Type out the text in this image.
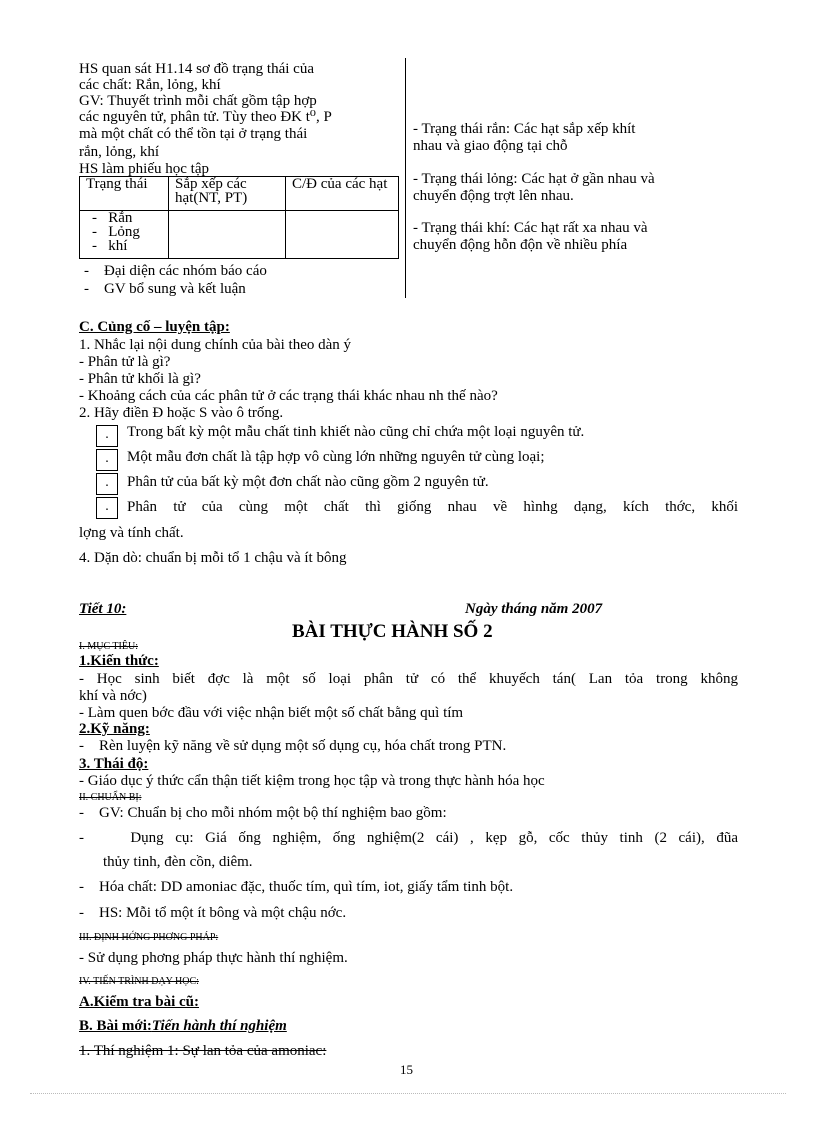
HS quan sát H1.14 sơ đồ trạng thái của
các chất: Rắn, lỏng, khí
GV: Thuyết trình mỗi chất gồm tập hợp
các nguyên tử, phân tử. Tùy theo ĐK t⁰, P
mà một chất có thể tồn tại ở trạng thái
rắn, lỏng, khí
HS làm phiếu học tập
Trạng thái	Sắp xếp các hạt(NT, PT)	C/Đ của các hạt

-   Rắn
-   Lỏng
-   khí		

-    Đại diện các nhóm báo cáo
-    GV bổ sung và kết luận
- Trạng thái rắn: Các hạt sắp xếp khít
nhau và giao động tại chỗ
- Trạng thái lỏng: Các hạt ở gần nhau và
chuyển động trợt lên nhau.
- Trạng thái khí: Các hạt rất xa nhau và
chuyển động hỗn độn về nhiều phía
C. Củng cố – luyện tập:
1. Nhắc lại nội dung chính của bài theo dàn ý
- Phân tử là gì?
- Phân tử khối là gì?
- Khoảng cách của các phân tử ở các trạng thái khác nhau nh thế nào?
2. Hãy điền Đ hoặc S vào ô trống.
.	Trong bất kỳ một mẫu chất tinh khiết nào cũng chỉ chứa một loại nguyên tử.
.	Một mẫu đơn chất là tập hợp vô cùng lớn những nguyên tử cùng loại;
.	Phân tử của bất kỳ một đơn chất nào cũng gồm 2 nguyên tử.
.	Phân tử của cùng một chất thì giống nhau về hìnhg dạng, kích thớc, khối
lợng và tính chất.
4. Dặn dò: chuẩn bị mỗi tổ 1 chậu và ít bông
Tiết 10:	Ngày tháng năm 2007
BÀI THỰC HÀNH SỐ 2
I. MỤC TIÊU:
1.Kiến thức:
- Học sinh biết đợc là một số loại phân tử có thể khuyếch tán( Lan tỏa trong không
khí và nớc)
- Làm quen bớc đầu với việc nhận biết một số chất bằng quì tím
2.Kỹ năng:
-    Rèn luyện kỹ năng về sử dụng một số dụng cụ, hóa chất trong PTN.
3. Thái độ:
- Giáo dục ý thức cẩn thận tiết kiệm trong học tập và trong thực hành hóa học
II. CHUẨN BỊ:
-    GV: Chuẩn bị cho mỗi nhóm một bộ thí nghiệm bao gồm:
-    Dụng cụ: Giá ống nghiệm, ống nghiệm(2 cái) , kẹp gỗ, cốc thủy tinh (2 cái), đũa
thủy tinh, đèn cồn, diêm.
-    Hóa chất: DD amoniac đặc, thuốc tím, quì tím, iot, giấy tẩm tinh bột.
-    HS: Mỗi tổ một ít bông và một chậu nớc.
III. ĐỊNH HỚNG PHƠNG PHÁP:
- Sử dụng phơng pháp thực hành thí nghiệm.
IV. TIẾN TRÌNH DẠY HỌC:
A.Kiểm tra bài cũ:
B. Bài mới:Tiến hành thí nghiệm
1. Thí nghiệm 1: Sự lan tỏa của amoniac:
15
